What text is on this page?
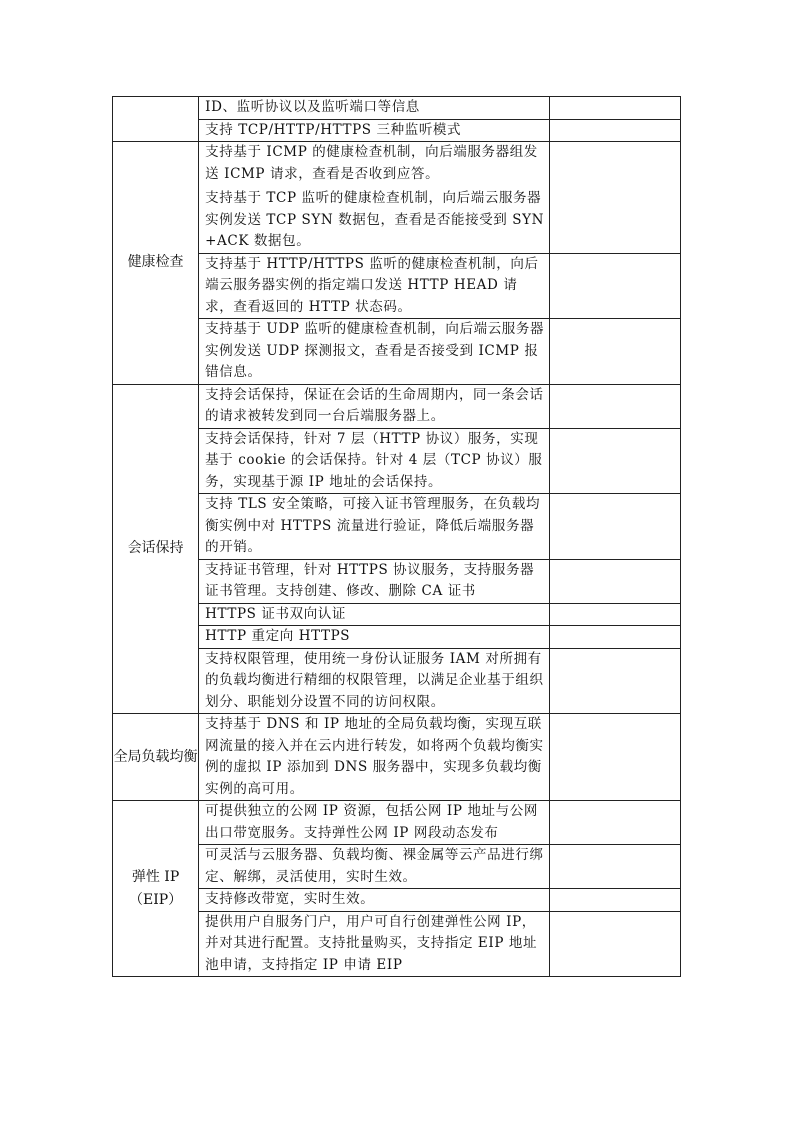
	ID、监听协议以及监听端口等信息	

	支持 TCP/HTTP/HTTPS 三种监听模式	

健康检查	支持基于 ICMP 的健康检查机制，向后端服务器组发送 ICMP 请求，查看是否收到应答。
支持基于 TCP 监听的健康检查机制，向后端云服务器实例发送 TCP SYN 数据包，查看是否能接受到 SYN+ACK 数据包。	

	支持基于 HTTP/HTTPS 监听的健康检查机制，向后端云服务器实例的指定端口发送 HTTP HEAD 请求，查看返回的 HTTP 状态码。	

	支持基于 UDP 监听的健康检查机制，向后端云服务器实例发送 UDP 探测报文，查看是否接受到 ICMP 报错信息。	

会话保持	支持会话保持，保证在会话的生命周期内，同一条会话的请求被转发到同一台后端服务器上。	

	支持会话保持，针对 7 层（HTTP 协议）服务，实现基于 cookie 的会话保持。针对 4 层（TCP 协议）服务，实现基于源 IP 地址的会话保持。	

	支持 TLS 安全策略，可接入证书管理服务，在负载均衡实例中对 HTTPS 流量进行验证，降低后端服务器的开销。	

	支持证书管理，针对 HTTPS 协议服务，支持服务器证书管理。支持创建、修改、删除 CA 证书	

	HTTPS 证书双向认证	

	HTTP 重定向 HTTPS	

	支持权限管理，使用统一身份认证服务 IAM 对所拥有的负载均衡进行精细的权限管理，以满足企业基于组织划分、职能划分设置不同的访问权限。	

全局负载均衡	支持基于 DNS 和 IP 地址的全局负载均衡，实现互联网流量的接入并在云内进行转发，如将两个负载均衡实例的虚拟 IP 添加到 DNS 服务器中，实现多负载均衡实例的高可用。	

弹性 IP（EIP）	可提供独立的公网 IP 资源，包括公网 IP 地址与公网出口带宽服务。支持弹性公网 IP 网段动态发布	

	可灵活与云服务器、负载均衡、裸金属等云产品进行绑定、解绑，灵活使用，实时生效。	

	支持修改带宽，实时生效。	

	提供用户自服务门户，用户可自行创建弹性公网 IP，并对其进行配置。支持批量购买，支持指定 EIP 地址池申请，支持指定 IP 申请 EIP	
